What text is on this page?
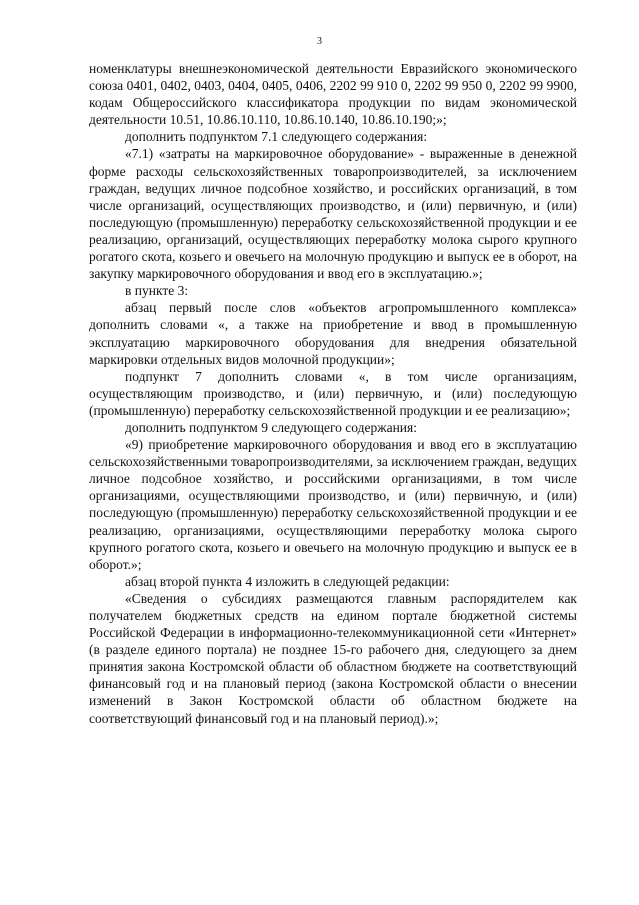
3

номенклатуры внешнеэкономической деятельности Евразийского экономического союза 0401, 0402, 0403, 0404, 0405, 0406, 2202 99 910 0, 2202 99 950 0, 2202 99 9900, кодам Общероссийского классификатора продукции по видам экономической деятельности 10.51, 10.86.10.110, 10.86.10.140, 10.86.10.190;»;

дополнить подпунктом 7.1 следующего содержания:

«7.1) «затраты на маркировочное оборудование» - выраженные в денежной форме расходы сельскохозяйственных товаропроизводителей, за исключением граждан, ведущих личное подсобное хозяйство, и российских организаций, в том числе организаций, осуществляющих производство, и (или) первичную, и (или) последующую (промышленную) переработку сельскохозяйственной продукции и ее реализацию, организаций, осуществляющих переработку молока сырого крупного рогатого скота, козьего и овечьего на молочную продукцию и выпуск ее в оборот, на закупку маркировочного оборудования и ввод его в эксплуатацию.»;

в пункте 3:

абзац первый после слов «объектов агропромышленного комплекса» дополнить словами «, а также на приобретение и ввод в промышленную эксплуатацию маркировочного оборудования для внедрения обязательной маркировки отдельных видов молочной продукции»;

подпункт 7 дополнить словами «, в том числе организациям, осуществляющим производство, и (или) первичную, и (или) последующую (промышленную) переработку сельскохозяйственной продукции и ее реализацию»;

дополнить подпунктом 9 следующего содержания:

«9) приобретение маркировочного оборудования и ввод его в эксплуатацию сельскохозяйственными товаропроизводителями, за исключением граждан, ведущих личное подсобное хозяйство, и российскими организациями, в том числе организациями, осуществляющими производство, и (или) первичную, и (или) последующую (промышленную) переработку сельскохозяйственной продукции и ее реализацию, организациями, осуществляющими переработку молока сырого крупного рогатого скота, козьего и овечьего на молочную продукцию и выпуск ее в оборот.»;

абзац второй пункта 4 изложить в следующей редакции:

«Сведения о субсидиях размещаются главным распорядителем как получателем бюджетных средств на едином портале бюджетной системы Российской Федерации в информационно-телекоммуникационной сети «Интернет» (в разделе единого портала) не позднее 15-го рабочего дня, следующего за днем принятия закона Костромской области об областном бюджете на соответствующий финансовый год и на плановый период (закона Костромской области о внесении изменений в Закон Костромской области об областном бюджете на соответствующий финансовый год и на плановый период).»;
